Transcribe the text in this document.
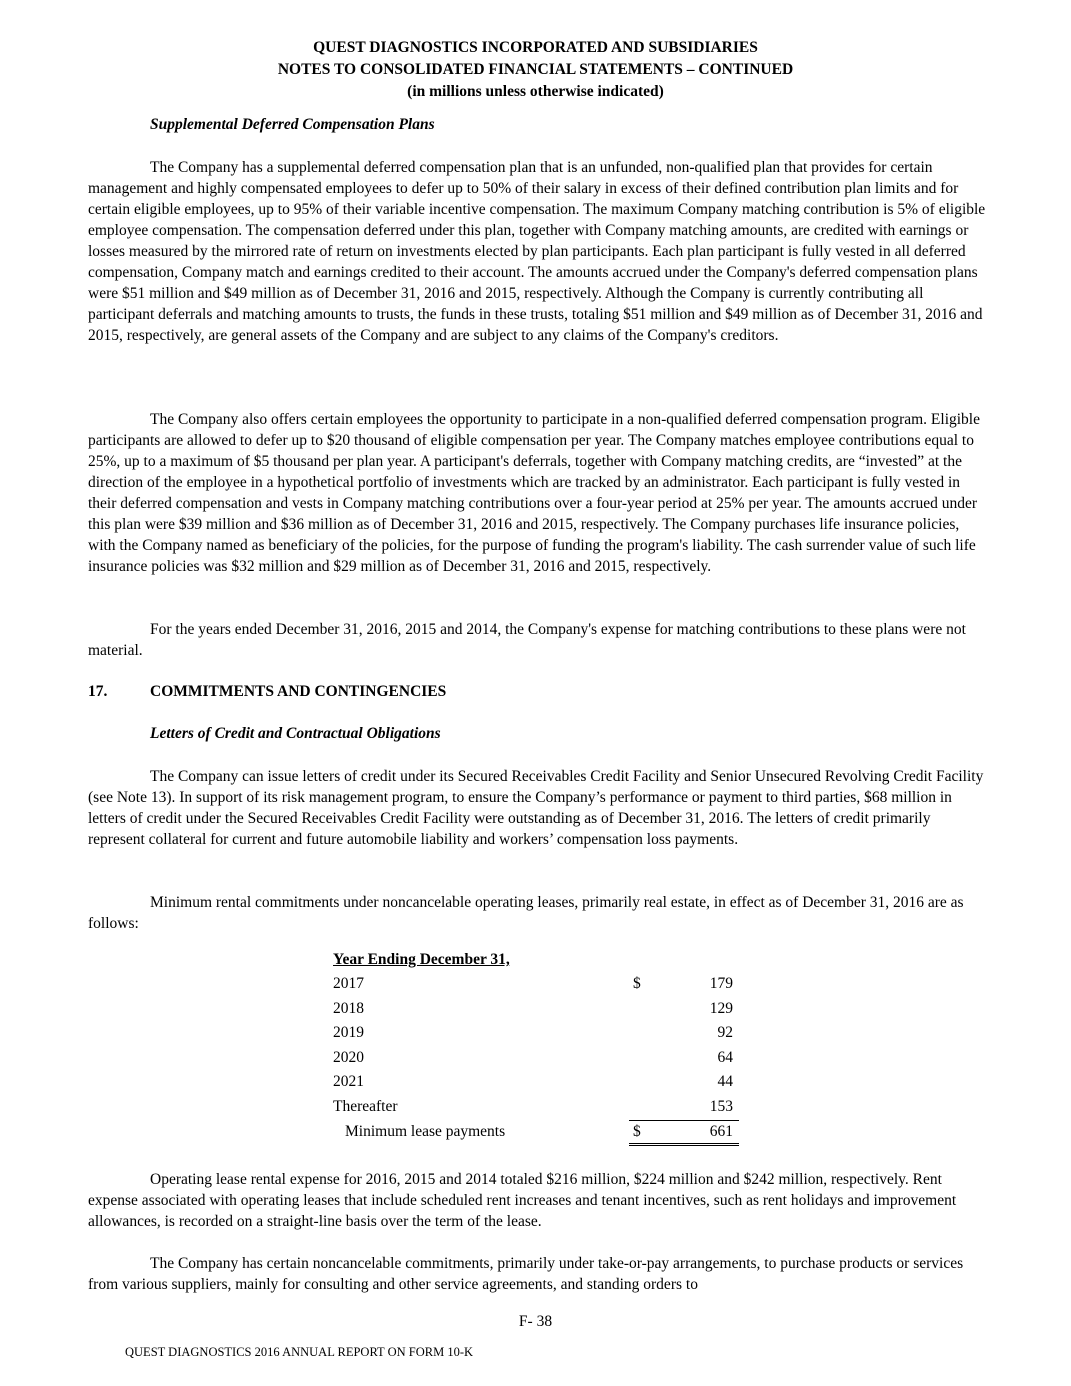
QUEST DIAGNOSTICS INCORPORATED AND SUBSIDIARIES
NOTES TO CONSOLIDATED FINANCIAL STATEMENTS – CONTINUED
(in millions unless otherwise indicated)
Supplemental Deferred Compensation Plans

The Company has a supplemental deferred compensation plan that is an unfunded, non-qualified plan that provides for certain management and highly compensated employees to defer up to 50% of their salary in excess of their defined contribution plan limits and for certain eligible employees, up to 95% of their variable incentive compensation. The maximum Company matching contribution is 5% of eligible employee compensation. The compensation deferred under this plan, together with Company matching amounts, are credited with earnings or losses measured by the mirrored rate of return on investments elected by plan participants. Each plan participant is fully vested in all deferred compensation, Company match and earnings credited to their account. The amounts accrued under the Company's deferred compensation plans were $51 million and $49 million as of December 31, 2016 and 2015, respectively. Although the Company is currently contributing all participant deferrals and matching amounts to trusts, the funds in these trusts, totaling $51 million and $49 million as of December 31, 2016 and 2015, respectively, are general assets of the Company and are subject to any claims of the Company's creditors.

The Company also offers certain employees the opportunity to participate in a non-qualified deferred compensation program. Eligible participants are allowed to defer up to $20 thousand of eligible compensation per year. The Company matches employee contributions equal to 25%, up to a maximum of $5 thousand per plan year. A participant's deferrals, together with Company matching credits, are “invested” at the direction of the employee in a hypothetical portfolio of investments which are tracked by an administrator. Each participant is fully vested in their deferred compensation and vests in Company matching contributions over a four-year period at 25% per year. The amounts accrued under this plan were $39 million and $36 million as of December 31, 2016 and 2015, respectively. The Company purchases life insurance policies, with the Company named as beneficiary of the policies, for the purpose of funding the program's liability. The cash surrender value of such life insurance policies was $32 million and $29 million as of December 31, 2016 and 2015, respectively.

For the years ended December 31, 2016, 2015 and 2014, the Company's expense for matching contributions to these plans were not material.

17.	COMMITMENTS AND CONTINGENCIES
Letters of Credit and Contractual Obligations

The Company can issue letters of credit under its Secured Receivables Credit Facility and Senior Unsecured Revolving Credit Facility (see Note 13). In support of its risk management program, to ensure the Company’s performance or payment to third parties, $68 million in letters of credit under the Secured Receivables Credit Facility were outstanding as of December 31, 2016. The letters of credit primarily represent collateral for current and future automobile liability and workers’ compensation loss payments.

Minimum rental commitments under noncancelable operating leases, primarily real estate, in effect as of December 31, 2016 are as follows:

Year Ending December 31,
2017	$	179
2018	129
2019	92
2020	64
2021	44
Thereafter	153
Minimum lease payments	$	661

Operating lease rental expense for 2016, 2015 and 2014 totaled $216 million, $224 million and $242 million, respectively. Rent expense associated with operating leases that include scheduled rent increases and tenant incentives, such as rent holidays and improvement allowances, is recorded on a straight-line basis over the term of the lease.

The Company has certain noncancelable commitments, primarily under take-or-pay arrangements, to purchase products or services from various suppliers, mainly for consulting and other service agreements, and standing orders to

F- 38
QUEST DIAGNOSTICS 2016 ANNUAL REPORT ON FORM 10-K
